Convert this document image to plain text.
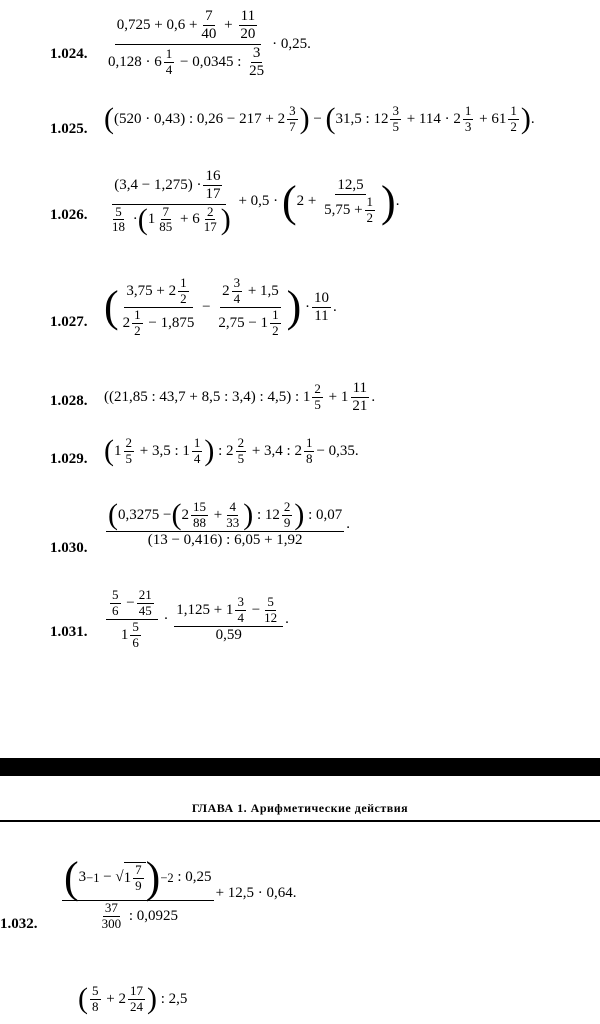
1.024. $\frac{0,725 + 0,6 + \frac{7}{40} + \frac{11}{20}}{0,128 \cdot 6 \frac{1}{4} - 0,0345 : \frac{3}{25}} \cdot 0,25$.
1.025. ( (520 · 0,43) : $0,26 - 217 + 2 \frac{3}{7}$ ) − ( 31,5 : $12 \frac{3}{5} + 114 \cdot 2 \frac{1}{3} + 61 \frac{1}{2}$ ) .
1.026. $\frac{(3,4 - 1,275) \cdot \frac{16}{17}}{\frac{5}{18} \cdot ( 1 \frac{7}{85} + 6 \frac{2}{17} )} + 0,5$ · ( $2 + \frac{12,5}{5,75 + \frac{1}{2}}$ ) .
1.027. ( $\frac{3,75 + 2 \frac{1}{2}}{2 \frac{1}{2} - 1,875} - \frac{2 \frac{3}{4} + 1,5}{2,75 - 1 \frac{1}{2}}$ ) · $\frac{10}{11}$ .
1.028. ((21,85 : 43,7 + 8,5 : 3,4) : 4,5) : $1 \frac{2}{5} + 1 \frac{11}{21}$ .
1.029. ( $1 \frac{2}{5} + 3,5$ : $1 \frac{1}{4}$ ) : $2 \frac{2}{5} + 3,4$ : $2 \frac{1}{8} - 0,35$.
1.030. $\frac{( 0,3275 - ( 2 \frac{15}{88} + \frac{4}{33} ) : 12 \frac{2}{9} ) : 0,07}{(13 - 0,416) : 6,05 + 1,92}$ .
1.031. $\frac{\frac{5}{6} - \frac{21}{45}}{1 \frac{5}{6}} \cdot \frac{1,125 + 1 \frac{3}{4} - \frac{5}{12}}{0,59}$ .
ГЛАВА 1. Арифметические действия
1.032. $\frac{( 3 -1 - √ 1 \frac{7}{9} ) -2 : 0,25}{\frac{37}{300} : 0,0925} + 12,5 \cdot 0,64$.
( $\frac{5}{8} + 2 \frac{17}{24}$ ) : 2,5
